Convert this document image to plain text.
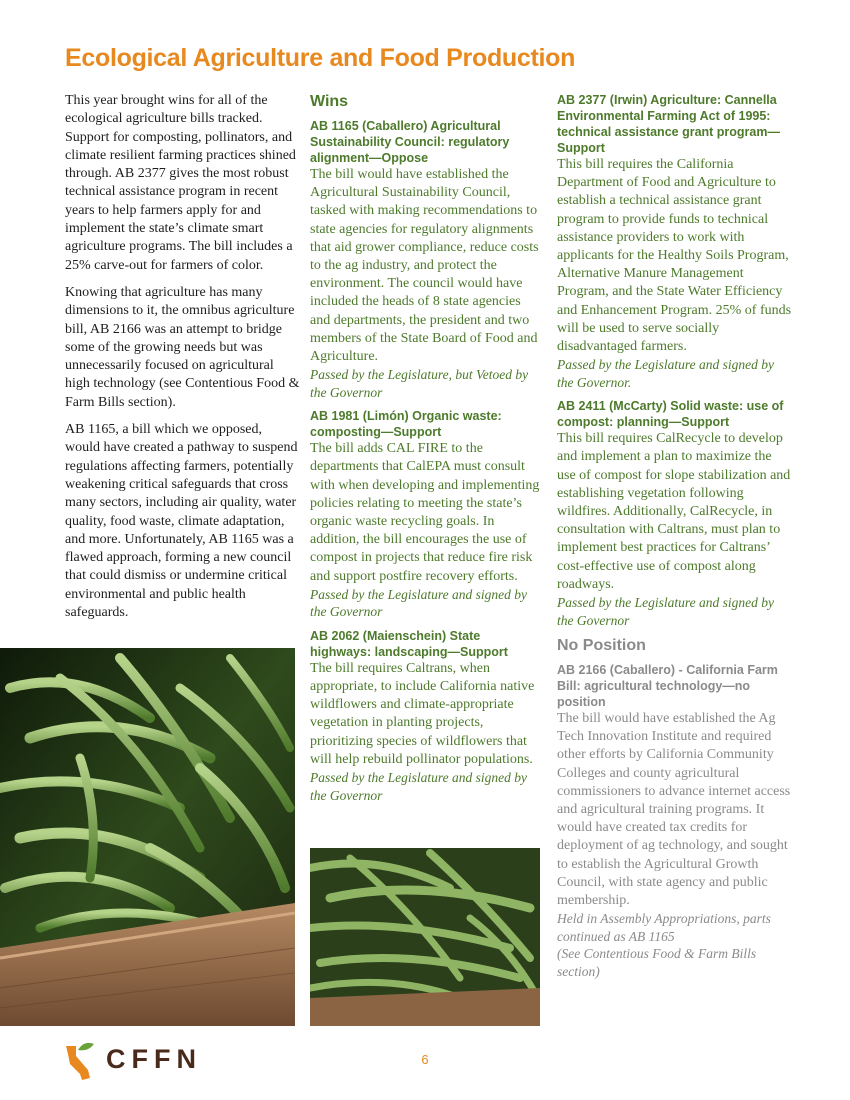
Ecological Agriculture and Food Production

This year brought wins for all of the ecological agriculture bills tracked. Support for composting, pollinators, and climate resilient farming practices shined through. AB 2377 gives the most robust technical assistance program in recent years to help farmers apply for and implement the state’s climate smart agriculture programs. The bill includes a 25% carve-out for farmers of color.

Knowing that agriculture has many dimensions to it, the omnibus agriculture bill, AB 2166 was an attempt to bridge some of the growing needs but was unnecessarily focused on agricultural high technology (see Contentious Food & Farm Bills section).

AB 1165, a bill which we opposed, would have created a pathway to suspend regulations affecting farmers, potentially weakening critical safeguards that cross many sectors, including air quality, water quality, food waste, climate adaptation, and more. Unfortunately, AB 1165 was a flawed approach, forming a new council that could dismiss or undermine critical environmental and public health safeguards.

Wins
AB 1165 (Caballero) Agricultural Sustainability Council: regulatory alignment—Oppose

The bill would have established the Agricultural Sustainability Council, tasked with making recommendations to state agencies for regulatory alignments that aid grower compliance, reduce costs to the ag industry, and protect the environment. The council would have included the heads of 8 state agencies and departments, the president and two members of the State Board of Food and Agriculture.

Passed by the Legislature, but Vetoed by the Governor

AB 1981 (Limón) Organic waste: composting—Support

The bill adds CAL FIRE to the departments that CalEPA must consult with when developing and implementing policies relating to meeting the state’s organic waste recycling goals. In addition, the bill encourages the use of compost in projects that reduce fire risk and support postfire recovery efforts.

Passed by the Legislature and signed by the Governor

AB 2062 (Maienschein) State highways: landscaping—Support

The bill requires Caltrans, when appropriate, to include California native wildflowers and climate-appropriate vegetation in planting projects, prioritizing species of wildflowers that will help rebuild pollinator populations.

Passed by the Legislature and signed by the Governor

AB 2377 (Irwin) Agriculture: Cannella Environmental Farming Act of 1995: technical assistance grant program—Support

This bill requires the California Department of Food and Agriculture to establish a technical assistance grant program to provide funds to technical assistance providers to work with applicants for the Healthy Soils Program, Alternative Manure Management Program, and the State Water Efficiency and Enhancement Program. 25% of funds will be used to serve socially disadvantaged farmers.

Passed by the Legislature and signed by the Governor.

AB 2411 (McCarty) Solid waste: use of compost: planning—Support

This bill requires CalRecycle to develop and implement a plan to maximize the use of compost for slope stabilization and establishing vegetation following wildfires. Additionally, CalRecycle, in consultation with Caltrans, must plan to implement best practices for Caltrans’ cost-effective use of compost along roadways.

Passed by the Legislature and signed by the Governor

No Position
AB 2166 (Caballero) - California Farm Bill: agricultural technology—no position

The bill would have established the Ag Tech Innovation Institute and required other efforts by California Community Colleges and county agricultural commissioners to advance internet access and agricultural training programs. It would have created tax credits for deployment of ag technology, and sought to establish the Agricultural Growth Council, with state agency and public membership.

Held in Assembly Appropriations, parts continued as AB 1165

(See Contentious Food & Farm Bills section)

CFFN	6
